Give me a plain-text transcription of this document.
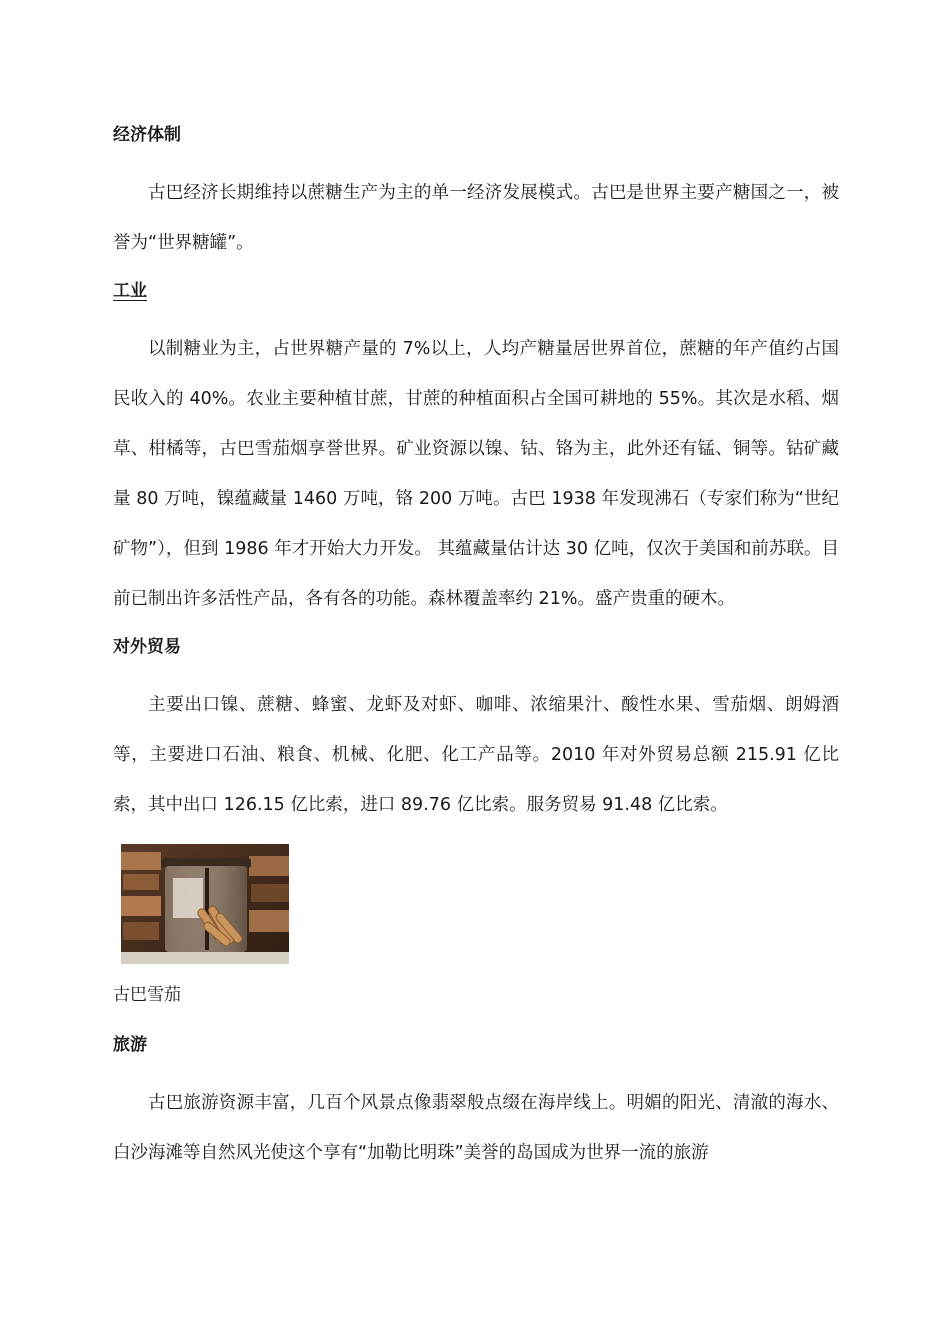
经济体制

古巴经济长期维持以蔗糖生产为主的单一经济发展模式。古巴是世界主要产糖国之一，被誉为“世界糖罐”。

工业

以制糖业为主，占世界糖产量的 7%以上，人均产糖量居世界首位，蔗糖的年产值约占国民收入的 40%。农业主要种植甘蔗，甘蔗的种植面积占全国可耕地的 55%。其次是水稻、烟草、柑橘等，古巴雪茄烟享誉世界。矿业资源以镍、钴、铬为主，此外还有锰、铜等。钴矿藏量 80 万吨，镍蕴藏量 1460 万吨，铬 200 万吨。古巴 1938 年发现沸石（专家们称为“世纪矿物”），但到 1986 年才开始大力开发。 其蕴藏量估计达 30 亿吨，仅次于美国和前苏联。目前已制出许多活性产品，各有各的功能。森林覆盖率约 21%。盛产贵重的硬木。

对外贸易

主要出口镍、蔗糖、蜂蜜、龙虾及对虾、咖啡、浓缩果汁、酸性水果、雪茄烟、朗姆酒等，主要进口石油、粮食、机械、化肥、化工产品等。2010 年对外贸易总额 215.91 亿比索，其中出口 126.15 亿比索，进口 89.76 亿比索。服务贸易 91.48 亿比索。

古巴雪茄
旅游

古巴旅游资源丰富，几百个风景点像翡翠般点缀在海岸线上。明媚的阳光、清澈的海水、白沙海滩等自然风光使这个享有“加勒比明珠”美誉的岛国成为世界一流的旅游
